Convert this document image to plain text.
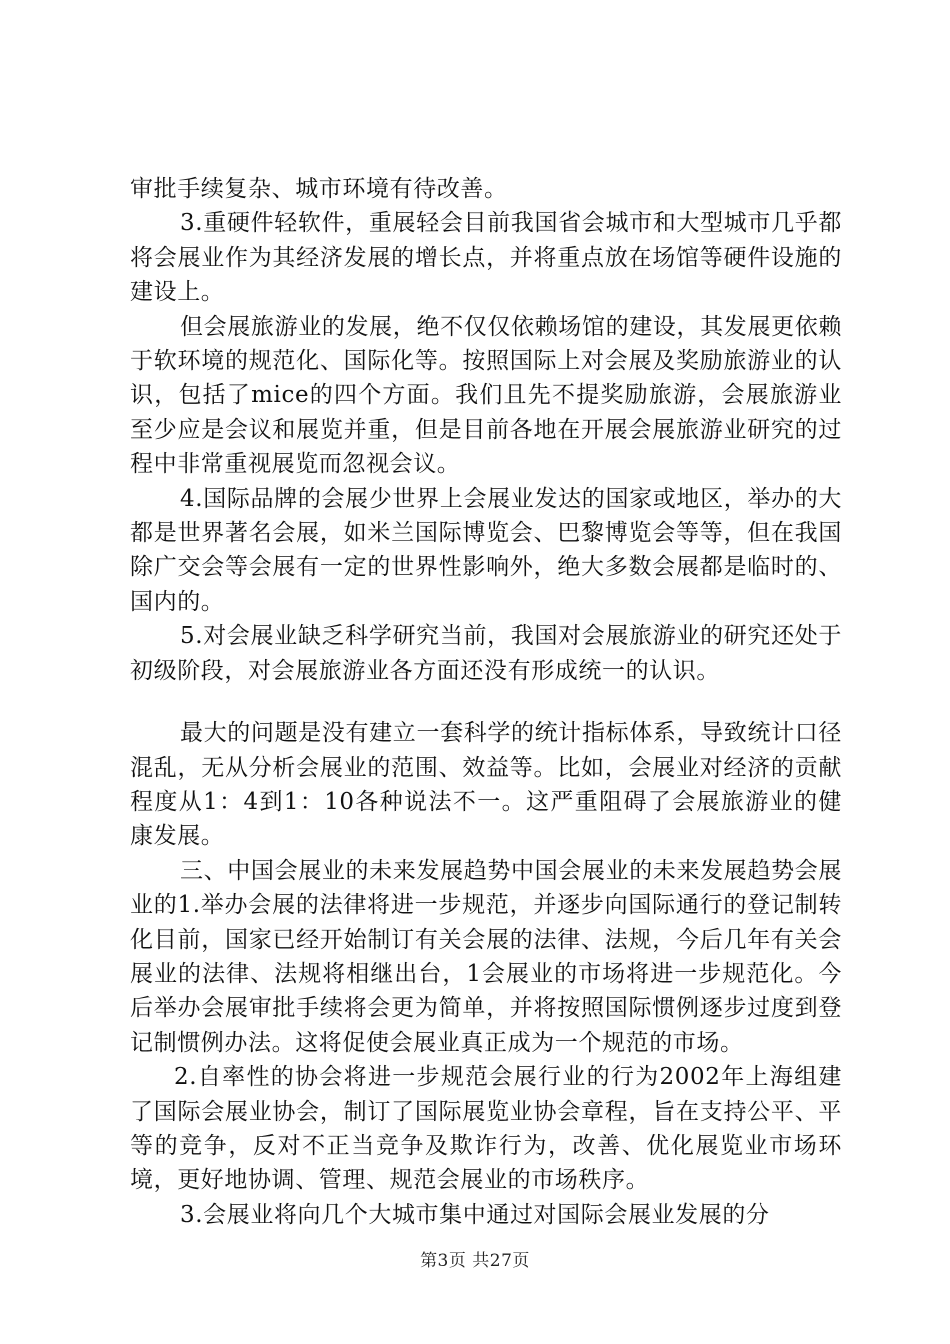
审批手续复杂、城市环境有待改善。

3.重硬件轻软件，重展轻会目前我国省会城市和大型城市几乎都将会展业作为其经济发展的增长点，并将重点放在场馆等硬件设施的建设上。

但会展旅游业的发展，绝不仅仅依赖场馆的建设，其发展更依赖于软环境的规范化、国际化等。按照国际上对会展及奖励旅游业的认识，包括了mice的四个方面。我们且先不提奖励旅游，会展旅游业至少应是会议和展览并重，但是目前各地在开展会展旅游业研究的过程中非常重视展览而忽视会议。

4.国际品牌的会展少世界上会展业发达的国家或地区，举办的大都是世界著名会展，如米兰国际博览会、巴黎博览会等等，但在我国除广交会等会展有一定的世界性影响外，绝大多数会展都是临时的、国内的。

5.对会展业缺乏科学研究当前，我国对会展旅游业的研究还处于初级阶段，对会展旅游业各方面还没有形成统一的认识。

最大的问题是没有建立一套科学的统计指标体系，导致统计口径混乱，无从分析会展业的范围、效益等。比如，会展业对经济的贡献程度从1：4到1：10各种说法不一。这严重阻碍了会展旅游业的健康发展。

三、中国会展业的未来发展趋势中国会展业的未来发展趋势会展业的1.举办会展的法律将进一步规范，并逐步向国际通行的登记制转化目前，国家已经开始制订有关会展的法律、法规，今后几年有关会展业的法律、法规将相继出台，1会展业的市场将进一步规范化。今后举办会展审批手续将会更为简单，并将按照国际惯例逐步过度到登记制惯例办法。这将促使会展业真正成为一个规范的市场。

2.自率性的协会将进一步规范会展行业的行为2002年上海组建了国际会展业协会，制订了国际展览业协会章程，旨在支持公平、平等的竞争，反对不正当竞争及欺诈行为，改善、优化展览业市场环境，更好地协调、管理、规范会展业的市场秩序。

3.会展业将向几个大城市集中通过对国际会展业发展的分

第3页 共27页
